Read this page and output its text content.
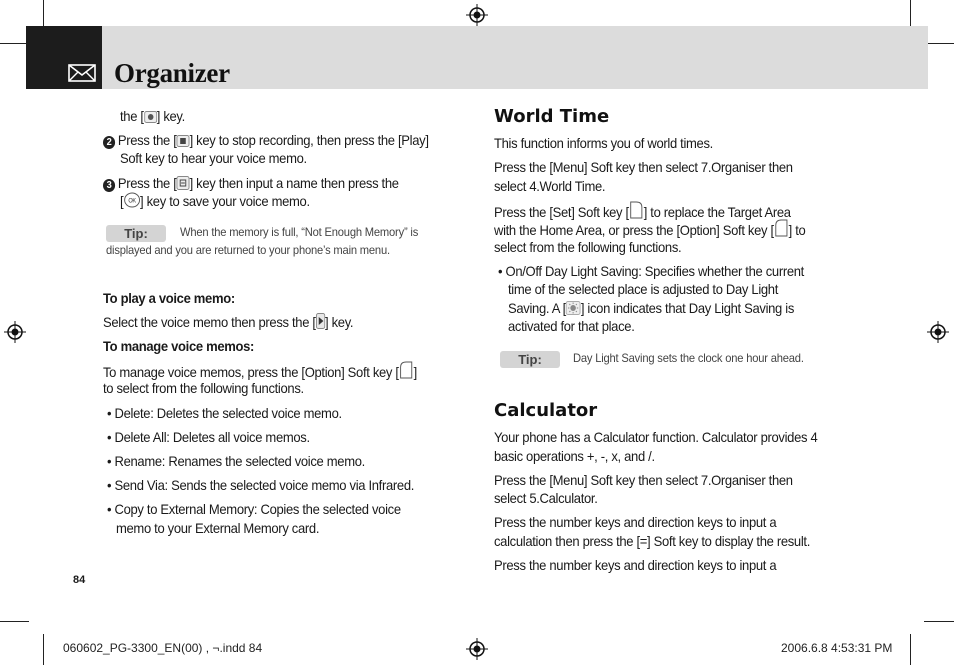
Organizer
the [ ] key.
2 Press the [ ] key to stop recording, then press the [Play]
Soft key to hear your voice memo.
3 Press the [ ] key then input a name then press the
[ OK ] key to save your voice memo.
Tip:	When the memory is full, “Not Enough Memory” is
displayed and you are returned to your phone’s main menu.
To play a voice memo:
Select the voice memo then press the [ ] key.
To manage voice memos:
To manage voice memos, press the [Option] Soft key [ ]
to select from the following functions.
• Delete: Deletes the selected voice memo.
• Delete All: Deletes all voice memos.
• Rename: Renames the selected voice memo.
• Send Via: Sends the selected voice memo via Infrared.
• Copy to External Memory: Copies the selected voice
memo to your External Memory card.
84
World Time
This function informs you of world times.
Press the [Menu] Soft key then select 7.Organiser then
select 4.World Time.
Press the [Set] Soft key [ ] to replace the Target Area
with the Home Area, or press the [Option] Soft key [ ] to
select from the following functions.
• On/Off Day Light Saving: Specifies whether the current
time of the selected place is adjusted to Day Light
Saving. A [ ] icon indicates that Day Light Saving is
activated for that place.
Tip:	Day Light Saving sets the clock one hour ahead.
Calculator
Your phone has a Calculator function. Calculator provides 4
basic operations +, -, x, and /.
Press the [Menu] Soft key then select 7.Organiser then
select 5.Calculator.
Press the number keys and direction keys to input a
calculation then press the [=] Soft key to display the result.
Press the number keys and direction keys to input a
060602_PG-3300_EN(00) , ¬.indd 84	2006.6.8 4:53:31 PM
